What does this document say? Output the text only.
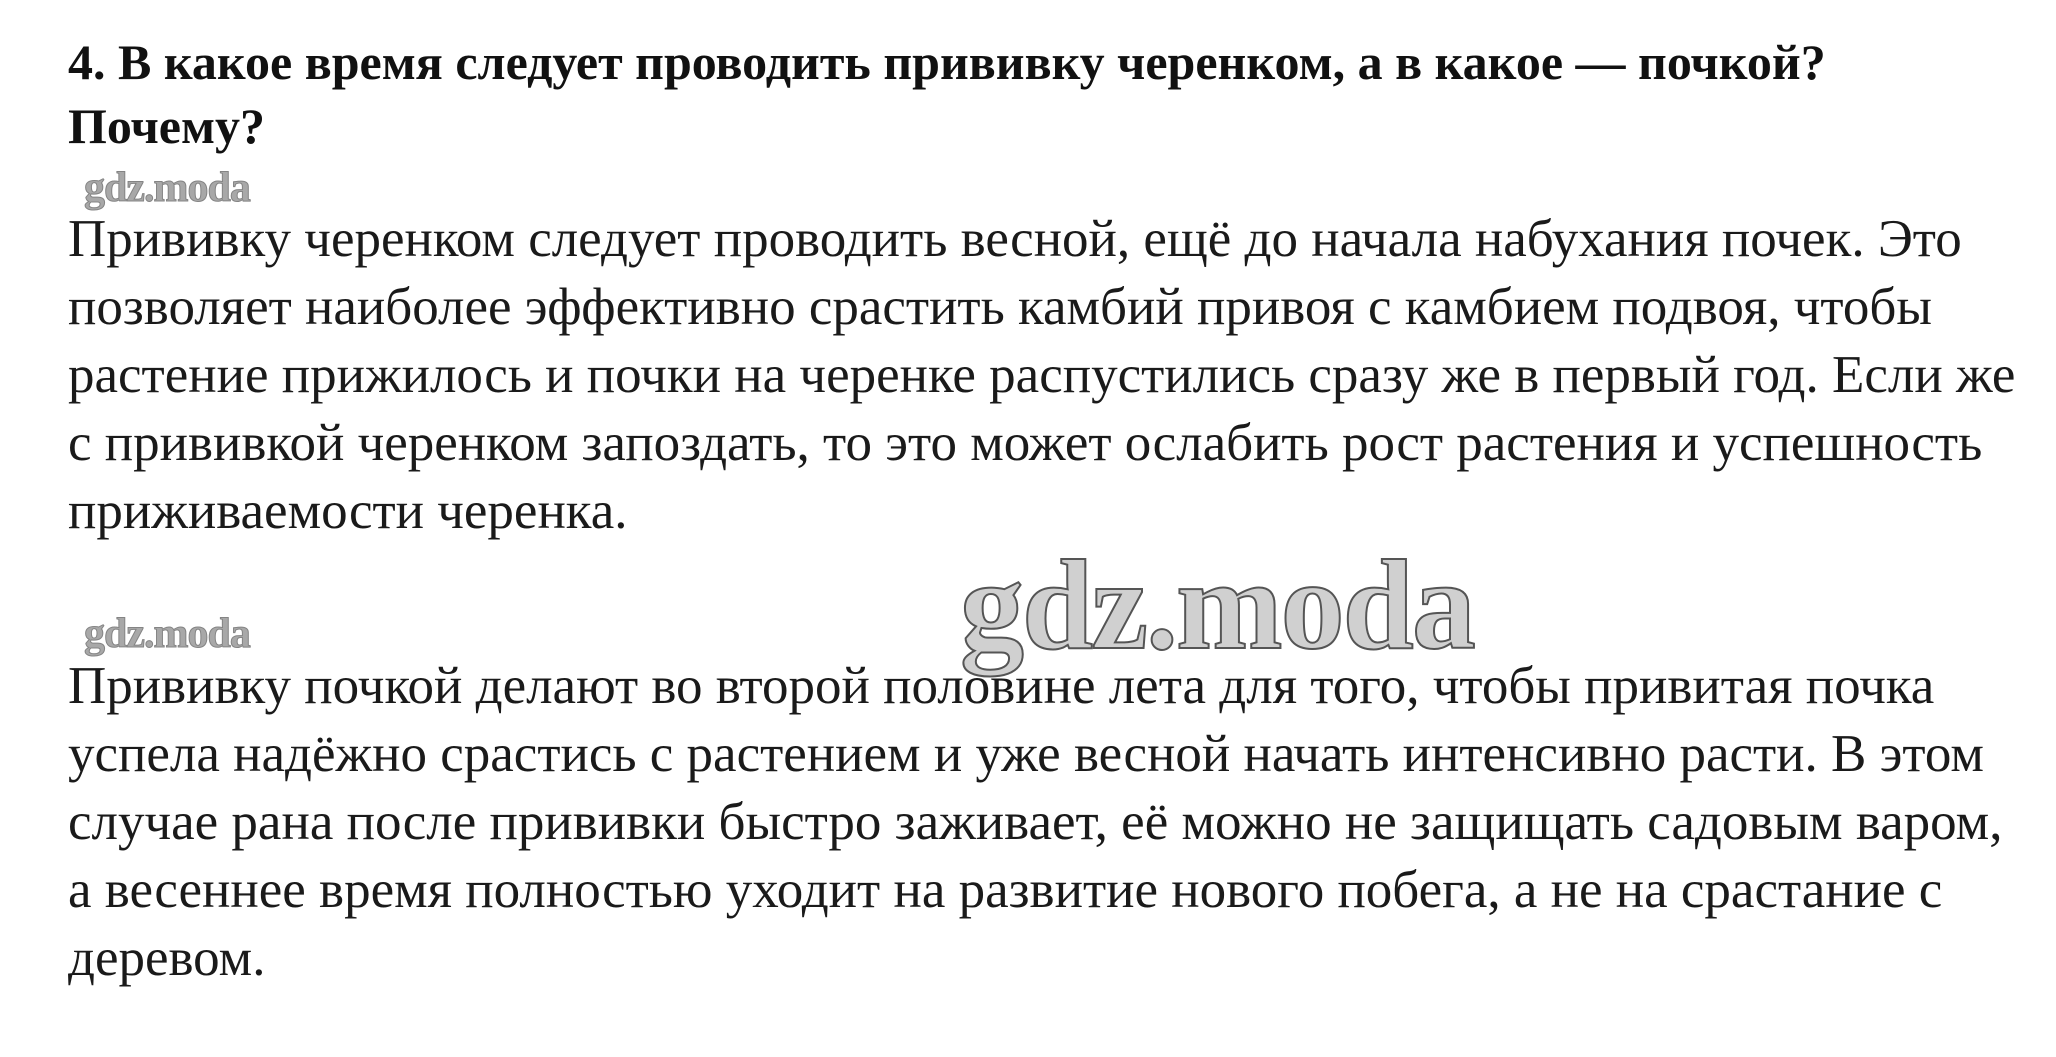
4. В какое время следует проводить прививку черенком, а в какое — почкой? Почему?
gdz.moda

Прививку черенком следует проводить весной, ещё до начала набухания почек. Это позволяет наиболее эффективно срастить камбий привоя с камбием подвоя, чтобы растение прижилось и почки на черенке распустились сразу же в первый год. Если же с прививкой черенком запоздать, то это может ослабить рост растения и успешность приживаемости черенка.

gdz.moda	gdz.moda

Прививку почкой делают во второй половине лета для того, чтобы привитая почка успела надёжно срастись с растением и уже весной начать интенсивно расти. В этом случае рана после прививки быстро заживает, её можно не защищать садовым варом, а весеннее время полностью уходит на развитие нового побега, а не на срастание с деревом.
